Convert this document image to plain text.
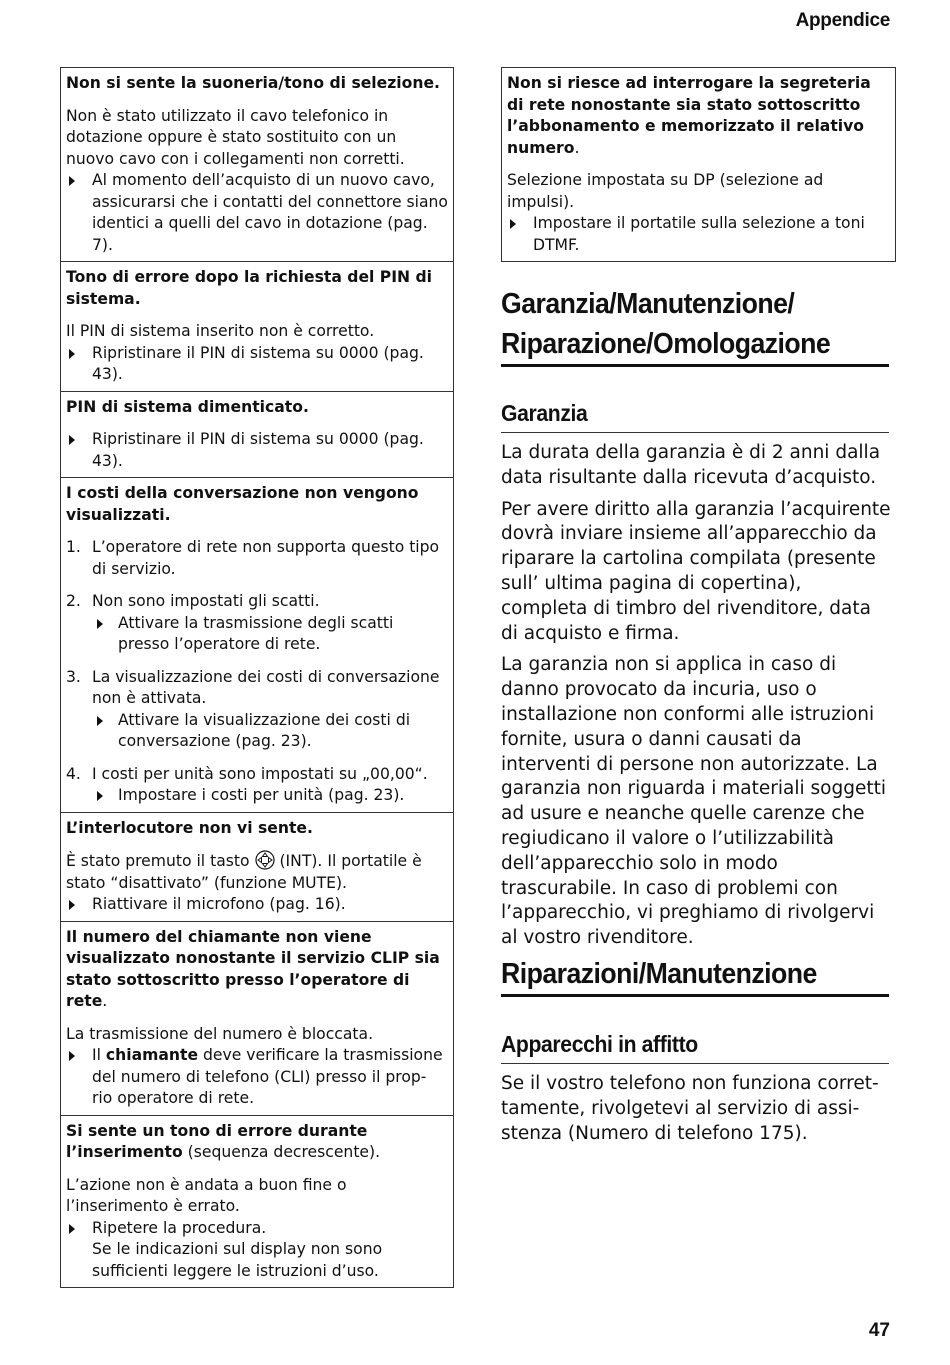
Appendice
Non si sente la suoneria/tono di selezione.
Non è stato utilizzato il cavo telefonico in dotazione oppure è stato sostituito con un nuovo cavo con i collegamenti non corretti.
Al momento dell’acquisto di un nuovo cavo, assicurarsi che i contatti del connettore siano identici a quelli del cavo in dotazione (pag. 7).
Tono di errore dopo la richiesta del PIN di sistema.
Il PIN di sistema inserito non è corretto.
Ripristinare il PIN di sistema su 0000 (pag. 43).
PIN di sistema dimenticato.
Ripristinare il PIN di sistema su 0000 (pag. 43).
I costi della conversazione non vengono visualizzati.
1. L’operatore di rete non supporta questo tipo di servizio.
2. Non sono impostati gli scatti.
Attivare la trasmissione degli scatti presso l’operatore di rete.
3. La visualizzazione dei costi di conversazione non è attivata.
Attivare la visualizzazione dei costi di conversazione (pag. 23).
4. I costi per unità sono impostati su „00,00“.
Impostare i costi per unità (pag. 23).
L’interlocutore non vi sente.
È stato premuto il tasto (INT). Il portatile è stato “disattivato” (funzione MUTE).
Riattivare il microfono (pag. 16).
Il numero del chiamante non viene visualizzato nonostante il servizio CLIP sia stato sottoscritto presso l’operatore di rete.
La trasmissione del numero è bloccata.
Il chiamante deve verificare la trasmissione del numero di telefono (CLI) presso il prop- rio operatore di rete.
Si sente un tono di errore durante l’inserimento (sequenza decrescente).
L’azione non è andata a buon fine o l’inserimento è errato.
Ripetere la procedura.
Se le indicazioni sul display non sono sufficienti leggere le istruzioni d’uso.
Non si riesce ad interrogare la segreteria di rete nonostante sia stato sottoscritto l’abbonamento e memorizzato il relativo numero.
Selezione impostata su DP (selezione ad impulsi).
Impostare il portatile sulla selezione a toni DTMF.
Garanzia/Manutenzione/
Riparazione/Omologazione
Garanzia

La durata della garanzia è di 2 anni dalla data risultante dalla ricevuta d’acquisto.

Per avere diritto alla garanzia l’acquirente dovrà inviare insieme all’apparecchio da riparare la cartolina compilata (presente sull’ ultima pagina di copertina), completa di timbro del rivenditore, data di acquisto e firma.

La garanzia non si applica in caso di danno provocato da incuria, uso o installazione non conformi alle istruzioni fornite, usura o danni causati da interventi di persone non autorizzate. La garanzia non riguarda i materiali soggetti ad usure e neanche quelle carenze che regiudicano il valore o l’utilizzabilità dell’apparecchio solo in modo trascurabile. In caso di problemi con l’apparecchio, vi preghiamo di rivolgervi al vostro rivenditore.

Riparazioni/Manutenzione
Apparecchi in affitto

Se il vostro telefono non funziona corret- tamente, rivolgetevi al servizio di assi- stenza (Numero di telefono 175).

47
